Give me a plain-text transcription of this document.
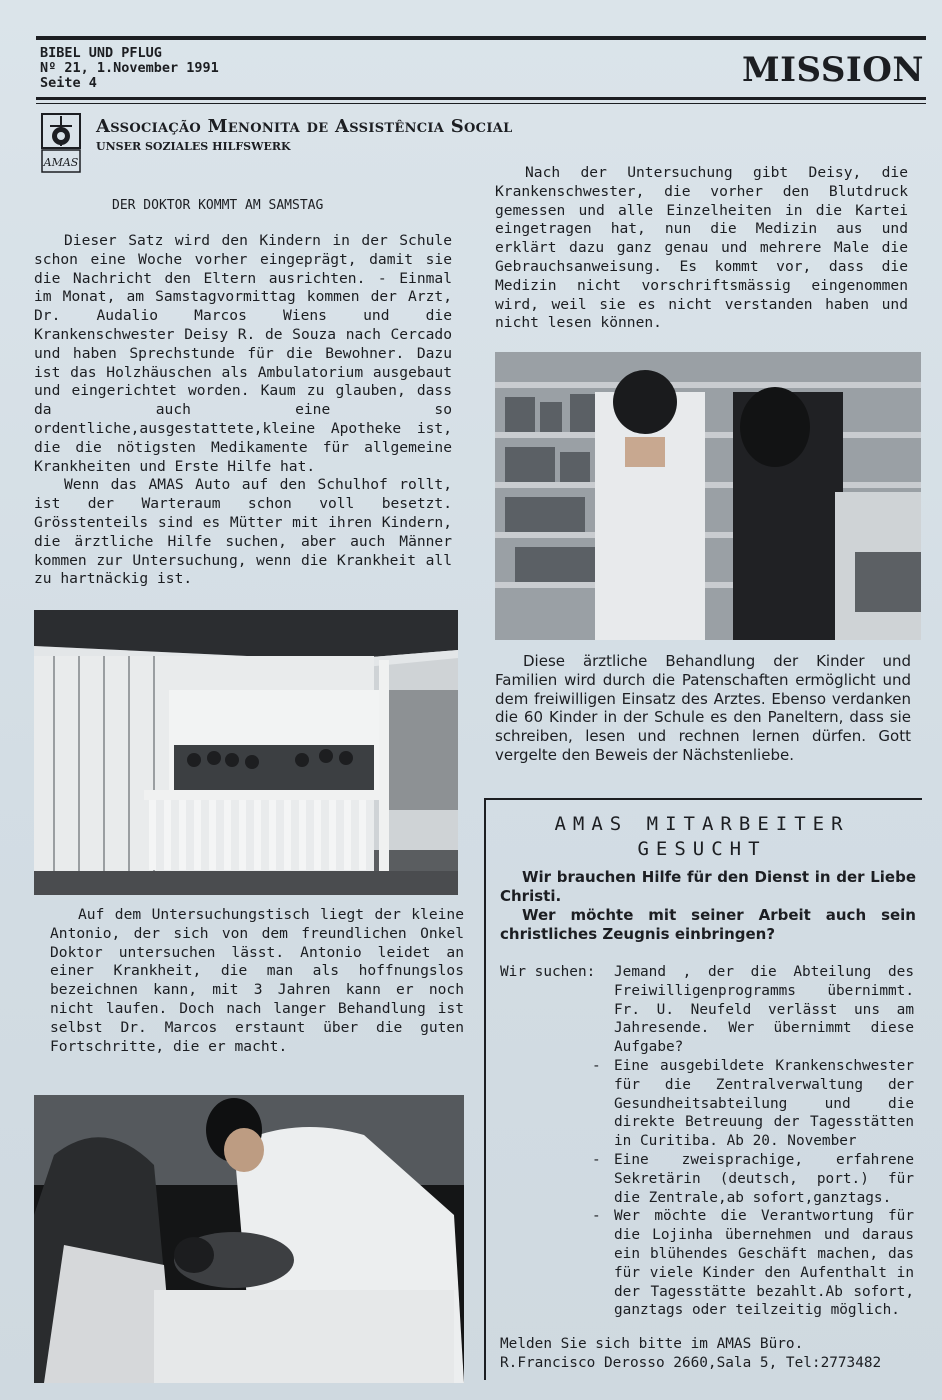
BIBEL UND PFLUG
Nº 21, 1.November 1991
Seite 4	MISSION
AMAS
Associação Menonita de Assistência Social
UNSER SOZIALES HILFSWERK
DER DOKTOR KOMMT AM SAMSTAG

Dieser Satz wird den Kindern in der Schule schon eine Woche vorher eingeprägt, damit sie die Nachricht den Eltern ausrichten. - Einmal im Monat, am Samstagvormittag kommen der Arzt, Dr. Audalio Marcos Wiens und die Krankenschwester Deisy R. de Souza nach Cercado und haben Sprechstunde für die Bewohner. Dazu ist das Holzhäuschen als Ambulatorium ausgebaut und eingerichtet worden. Kaum zu glauben, dass da auch eine so ordentliche,ausgestattete,kleine Apotheke ist, die die nötigsten Medikamente für allgemeine Krankheiten und Erste Hilfe hat.

Wenn das AMAS Auto auf den Schulhof rollt, ist der Warteraum schon voll besetzt. Grösstenteils sind es Mütter mit ihren Kindern, die ärztliche Hilfe suchen, aber auch Männer kommen zur Untersuchung, wenn die Krankheit all zu hartnäckig ist.

Nach der Untersuchung gibt Deisy, die Krankenschwester, die vorher den Blutdruck gemessen und alle Einzelheiten in die Kartei eingetragen hat, nun die Medizin aus und erklärt dazu ganz genau und mehrere Male die Gebrauchsanweisung. Es kommt vor, dass die Medizin nicht vorschriftsmässig eingenommen wird, weil sie es nicht verstanden haben und nicht lesen können.

Diese ärztliche Behandlung der Kinder und Familien wird durch die Patenschaften ermöglicht und dem freiwilligen Einsatz des Arztes. Ebenso verdanken die 60 Kinder in der Schule es den Paneltern, dass sie schreiben, lesen und rechnen lernen dürfen. Gott vergelte den Beweis der Nächstenliebe.

Auf dem Untersuchungstisch liegt der kleine Antonio, der sich von dem freundlichen Onkel Doktor untersuchen lässt. Antonio leidet an einer Krankheit, die man als hoffnungslos bezeichnen kann, mit 3 Jahren kann er noch nicht laufen. Doch nach langer Behandlung ist selbst Dr. Marcos erstaunt über die guten Fortschritte, die er macht.

AMAS MITARBEITER
GESUCHT

Wir brauchen Hilfe für den Dienst in der Liebe Christi.

Wer möchte mit seiner Arbeit auch sein christliches Zeugnis einbringen?

Wir suchen:	Jemand , der die Abteilung des Freiwilligenprogramms übernimmt. Fr. U. Neufeld verlässt uns am Jahresende. Wer übernimmt diese Aufgabe?
- Eine ausgebildete Krankenschwester für die Zentralverwaltung der Gesundheitsabteilung und die direkte Betreuung der Tagesstätten in Curitiba. Ab 20. November
- Eine zweisprachige, erfahrene Sekretärin (deutsch, port.) für die Zentrale,ab sofort,ganztags.
- Wer möchte die Verantwortung für die Lojinha übernehmen und daraus ein blühendes Geschäft machen, das für viele Kinder den Aufenthalt in der Tagesstätte bezahlt.Ab sofort, ganztags oder teilzeitig möglich.
Melden Sie sich bitte im AMAS Büro.
R.Francisco Derosso 2660,Sala 5, Tel:2773482
